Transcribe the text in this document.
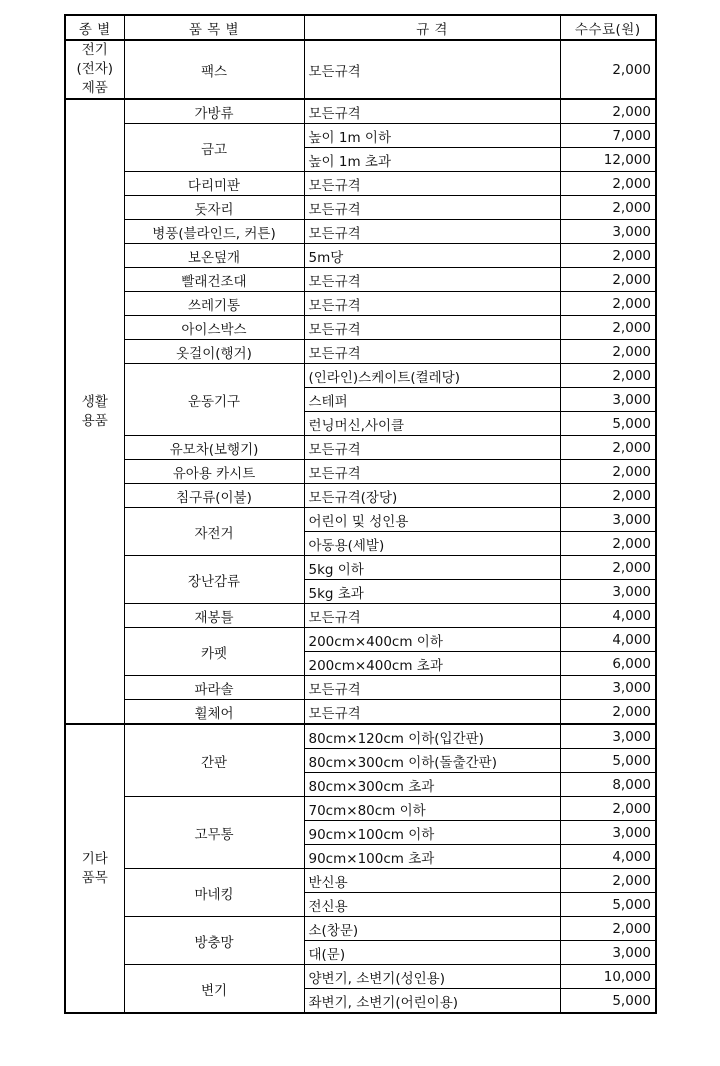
종 별	품 목 별	규 격	수수료(원)

전기
(전자)
제품	팩스	모든규격	2,000

생활
용품	가방류	모든규격	2,000
	금고	높이 1m 이하	7,000
		높이 1m 초과	12,000
	다리미판	모든규격	2,000
	돗자리	모든규격	2,000
	병풍(블라인드, 커튼)	모든규격	3,000
	보온덮개	5m당	2,000
	빨래건조대	모든규격	2,000
	쓰레기통	모든규격	2,000
	아이스박스	모든규격	2,000
	옷걸이(행거)	모든규격	2,000
	운동기구	(인라인)스케이트(켤레당)	2,000
		스테퍼	3,000
		런닝머신,사이클	5,000
	유모차(보행기)	모든규격	2,000
	유아용 카시트	모든규격	2,000
	침구류(이불)	모든규격(장당)	2,000
	자전거	어린이 및 성인용	3,000
		아동용(세발)	2,000
	장난감류	5kg 이하	2,000
		5kg 초과	3,000
	재봉틀	모든규격	4,000
	카펫	200cm×400cm 이하	4,000
		200cm×400cm 초과	6,000
	파라솔	모든규격	3,000
	휠체어	모든규격	2,000

기타
품목	간판	80cm×120cm 이하(입간판)	3,000
		80cm×300cm 이하(돌출간판)	5,000
		80cm×300cm 초과	8,000
	고무통	70cm×80cm 이하	2,000
		90cm×100cm 이하	3,000
		90cm×100cm 초과	4,000
	마네킹	반신용	2,000
		전신용	5,000
	방충망	소(창문)	2,000
		대(문)	3,000
	변기	양변기, 소변기(성인용)	10,000
		좌변기, 소변기(어린이용)	5,000
